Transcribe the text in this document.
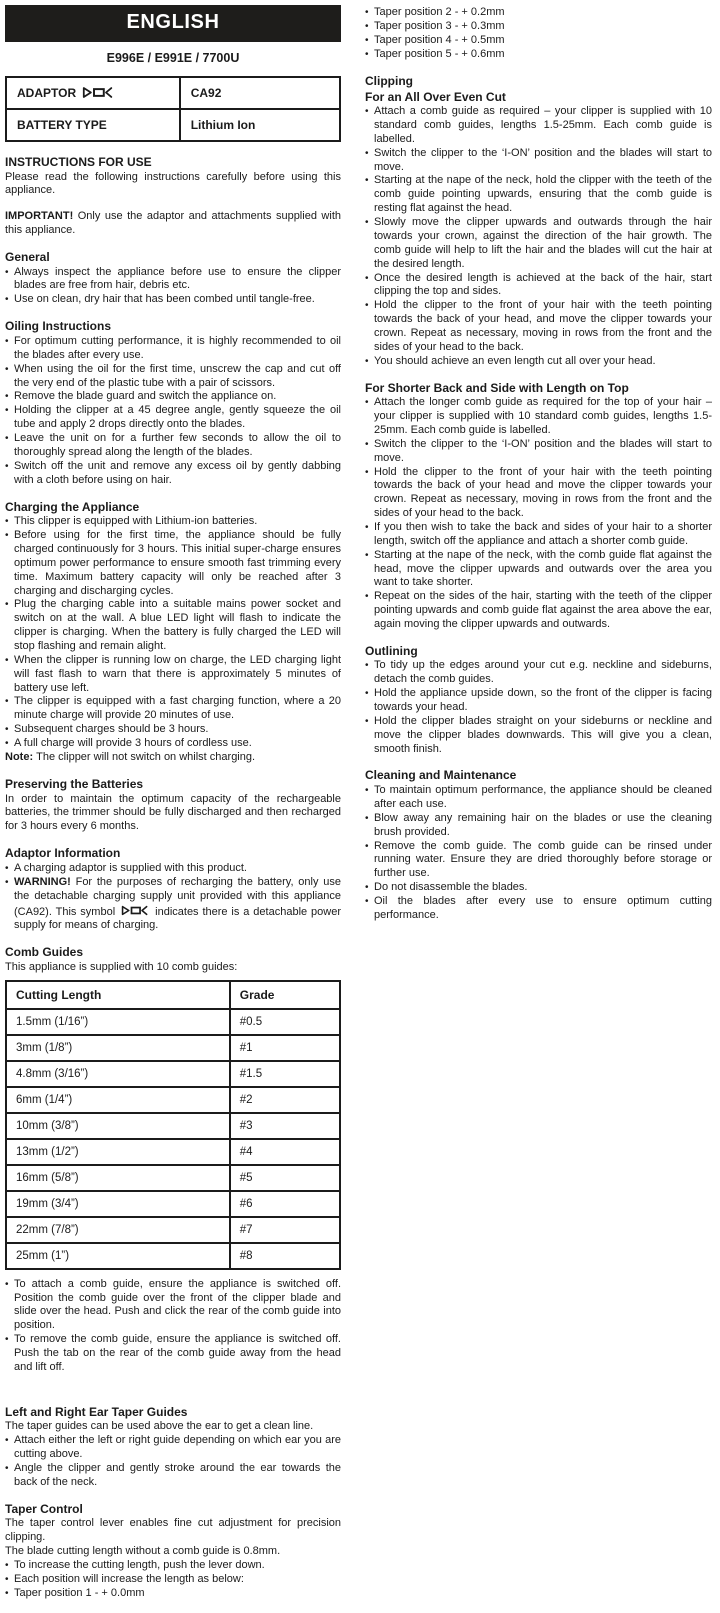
ENGLISH
E996E / E991E / 7700U
ADAPTOR	CA92
BATTERY TYPE	Lithium Ion
INSTRUCTIONS FOR USE
Please read the following instructions carefully before using this appliance.
IMPORTANT! Only use the adaptor and attachments supplied with this appliance.
General
• Always inspect the appliance before use to ensure the clipper blades are free from hair, debris etc.
• Use on clean, dry hair that has been combed until tangle-free.
Oiling Instructions
• For optimum cutting performance, it is highly recommended to oil the blades after every use.
• When using the oil for the first time, unscrew the cap and cut off the very end of the plastic tube with a pair of scissors.
• Remove the blade guard and switch the appliance on.
• Holding the clipper at a 45 degree angle, gently squeeze the oil tube and apply 2 drops directly onto the blades.
• Leave the unit on for a further few seconds to allow the oil to thoroughly spread along the length of the blades.
• Switch off the unit and remove any excess oil by gently dabbing with a cloth before using on hair.
Charging the Appliance
• This clipper is equipped with Lithium-ion batteries.
• Before using for the first time, the appliance should be fully charged continuously for 3 hours. This initial super-charge ensures optimum power performance to ensure smooth fast trimming every time. Maximum battery capacity will only be reached after 3 charging and discharging cycles.
• Plug the charging cable into a suitable mains power socket and switch on at the wall. A blue LED light will flash to indicate the clipper is charging. When the battery is fully charged the LED will stop flashing and remain alight.
• When the clipper is running low on charge, the LED charging light will fast flash to warn that there is approximately 5 minutes of battery use left.
• The clipper is equipped with a fast charging function, where a 20 minute charge will provide 20 minutes of use.
• Subsequent charges should be 3 hours.
• A full charge will provide 3 hours of cordless use.
Note: The clipper will not switch on whilst charging.
Preserving the Batteries
In order to maintain the optimum capacity of the rechargeable batteries, the trimmer should be fully discharged and then recharged for 3 hours every 6 months.
Adaptor Information
• A charging adaptor is supplied with this product.
• WARNING! For the purposes of recharging the battery, only use the detachable charging supply unit provided with this appliance (CA92). This symbol	indicates there is a detachable power supply for means of charging.
Comb Guides
This appliance is supplied with 10 comb guides:
Cutting Length	Grade
1.5mm (1/16”)	#0.5
3mm (1/8”)	#1
4.8mm (3/16”)	#1.5
6mm (1/4”)	#2
10mm (3/8”)	#3
13mm (1/2”)	#4
16mm (5/8”)	#5
19mm (3/4”)	#6
22mm (7/8”)	#7
25mm (1”)	#8
• To attach a comb guide, ensure the appliance is switched off. Position the comb guide over the front of the clipper blade and slide over the head. Push and click the rear of the comb guide into position.
• To remove the comb guide, ensure the appliance is switched off. Push the tab on the rear of the comb guide away from the head and lift off.
Left and Right Ear Taper Guides
The taper guides can be used above the ear to get a clean line.
• Attach either the left or right guide depending on which ear you are cutting above.
• Angle the clipper and gently stroke around the ear towards the back of the neck.
Taper Control
The taper control lever enables fine cut adjustment for precision clipping.
The blade cutting length without a comb guide is 0.8mm.
• To increase the cutting length, push the lever down.
• Each position will increase the length as below:
• Taper position 1 - + 0.0mm
• Taper position 2 - + 0.2mm
• Taper position 3 - + 0.3mm
• Taper position 4 - + 0.5mm
• Taper position 5 - + 0.6mm
Clipping
For an All Over Even Cut
• Attach a comb guide as required – your clipper is supplied with 10 standard comb guides, lengths 1.5-25mm. Each comb guide is labelled.
• Switch the clipper to the ‘I-ON’ position and the blades will start to move.
• Starting at the nape of the neck, hold the clipper with the teeth of the comb guide pointing upwards, ensuring that the comb guide is resting flat against the head.
• Slowly move the clipper upwards and outwards through the hair towards your crown, against the direction of the hair growth. The comb guide will help to lift the hair and the blades will cut the hair at the desired length.
• Once the desired length is achieved at the back of the hair, start clipping the top and sides.
• Hold the clipper to the front of your hair with the teeth pointing towards the back of your head, and move the clipper towards your crown. Repeat as necessary, moving in rows from the front and the sides of your head to the back.
• You should achieve an even length cut all over your head.
For Shorter Back and Side with Length on Top
• Attach the longer comb guide as required for the top of your hair – your clipper is supplied with 10 standard comb guides, lengths 1.5-25mm. Each comb guide is labelled.
• Switch the clipper to the ‘I-ON’ position and the blades will start to move.
• Hold the clipper to the front of your hair with the teeth pointing towards the back of your head and move the clipper towards your crown. Repeat as necessary, moving in rows from the front and the sides of your head to the back.
• If you then wish to take the back and sides of your hair to a shorter length, switch off the appliance and attach a shorter comb guide.
• Starting at the nape of the neck, with the comb guide flat against the head, move the clipper upwards and outwards over the area you want to take shorter.
• Repeat on the sides of the hair, starting with the teeth of the clipper pointing upwards and comb guide flat against the area above the ear, again moving the clipper upwards and outwards.
Outlining
• To tidy up the edges around your cut e.g. neckline and sideburns, detach the comb guides.
• Hold the appliance upside down, so the front of the clipper is facing towards your head.
• Hold the clipper blades straight on your sideburns or neckline and move the clipper blades downwards. This will give you a clean, smooth finish.
Cleaning and Maintenance
• To maintain optimum performance, the appliance should be cleaned after each use.
• Blow away any remaining hair on the blades or use the cleaning brush provided.
• Remove the comb guide. The comb guide can be rinsed under running water. Ensure they are dried thoroughly before storage or further use.
• Do not disassemble the blades.
• Oil the blades after every use to ensure optimum cutting performance.
